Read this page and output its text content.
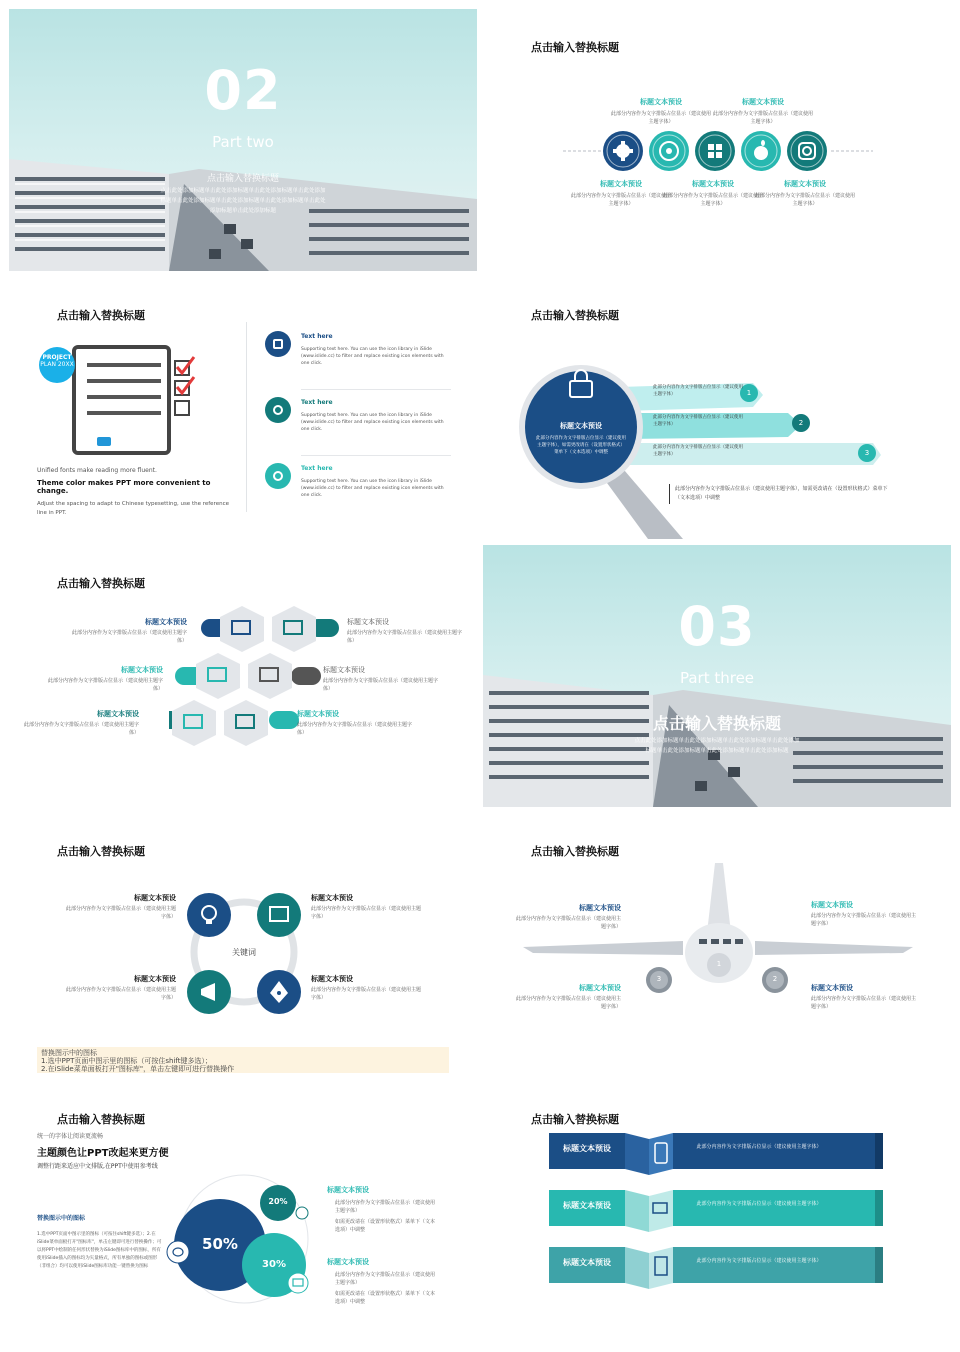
02
Part two
点击输入替换标题
点击此处添加标题单击此处添加标题单击此处添加标题单击此处添加标题单击此处添加标题单击此处添加标题单击此处添加标题单击此处添加标题单击此处添加标题
点击输入替换标题
标题文本预设
此部分内容作为文字排版占位显示（建议使用主题字体）
标题文本预设
此部分内容作为文字排版占位显示（建议使用主题字体）
标题文本预设
此部分内容作为文字排版占位显示（建议使用主题字体）
标题文本预设
此部分内容作为文字排版占位显示（建议使用主题字体）
标题文本预设
此部分内容作为文字排版占位显示（建议使用主题字体）
点击输入替换标题
PROJECT
PLAN 20XX
Unified fonts make reading more fluent.
Theme color makes PPT more convenient to change.
Adjust the spacing to adapt to Chinese typesetting, use the reference line in PPT.
Text here
Supporting text here. You can use the icon library in iSlide (www.islide.cc) to filter and replace existing icon elements with one click.
Text here
Supporting text here. You can use the icon library in iSlide (www.islide.cc) to filter and replace existing icon elements with one click.
Text here
Supporting text here. You can use the icon library in iSlide (www.islide.cc) to filter and replace existing icon elements with one click.
点击输入替换标题
标题文本预设
此部分内容作为文字排版占位显示（建议使用主题字体），如需更改请在（设置形状格式）菜单下（文本选项）中调整
此部分内容作为文字排版占位显示（建议使用主题字体）	1
此部分内容作为文字排版占位显示（建议使用主题字体）	2
此部分内容作为文字排版占位显示（建议使用主题字体）	3
此部分内容作为文字排版占位显示（建议使用主题字体），如需更改请在（设置形状格式）菜单下（文本选项）中调整
点击输入替换标题
标题文本预设
此部分内容作为文字排版占位显示（建议使用主题字体）
标题文本预设
此部分内容作为文字排版占位显示（建议使用主题字体）
标题文本预设
此部分内容作为文字排版占位显示（建议使用主题字体）
标题文本预设
此部分内容作为文字排版占位显示（建议使用主题字体）
标题文本预设
此部分内容作为文字排版占位显示（建议使用主题字体）
标题文本预设
此部分内容作为文字排版占位显示（建议使用主题字体）
03
Part three
点击输入替换标题
点击此处添加标题单击此处添加标题单击此处添加标题单击此处添加标题单击此处添加标题单击此处添加标题单击此处添加标题
点击输入替换标题
关键词
标题文本预设
此部分内容作为文字排版占位显示（建议使用主题字体）
标题文本预设
此部分内容作为文字排版占位显示（建议使用主题字体）
标题文本预设
此部分内容作为文字排版占位显示（建议使用主题字体）
标题文本预设
此部分内容作为文字排版占位显示（建议使用主题字体）
替换图示中的图标
1.选中PPT页面中图示里的图标（可按住shift键多选）；
2.在iSlide菜单面板打开"图标库"，单击左键即可进行替换操作
点击输入替换标题
1
2
3
标题文本预设
此部分内容作为文字排版占位显示（建议使用主题字体）
标题文本预设
此部分内容作为文字排版占位显示（建议使用主题字体）
标题文本预设
此部分内容作为文字排版占位显示（建议使用主题字体）
标题文本预设
此部分内容作为文字排版占位显示（建议使用主题字体）
点击输入替换标题
统一的字体让阅读更流畅
主题颜色让PPT改起来更方便
调整行距来适应中文排版,在PPT中使用参考线
替换图示中的图标
1.选中PPT页面中图示里的图标（可按住shift键多选）；2.在iSlide菜单面板打开"图标库"，单击左键即可进行替换操作；可以将PPT中绘制的任何形状替换为iSlide图标库中的图标，所有使用iSlide插入的图标均为矢量格式，所有单独的图标或图形（非组合）均可以使用iSlide图标库功能一键替换为图标
50%
20%
30%
标题文本预设
此部分内容作为文字排版占位显示（建议使用主题字体）
如需更改请在（设置形状格式）菜单下（文本选项）中调整
标题文本预设
此部分内容作为文字排版占位显示（建议使用主题字体）
如需更改请在（设置形状格式）菜单下（文本选项）中调整
点击输入替换标题
标题文本预设	此部分内容作为文字排版占位显示（建议使用主题字体）
标题文本预设	此部分内容作为文字排版占位显示（建议使用主题字体）
标题文本预设	此部分内容作为文字排版占位显示（建议使用主题字体）
